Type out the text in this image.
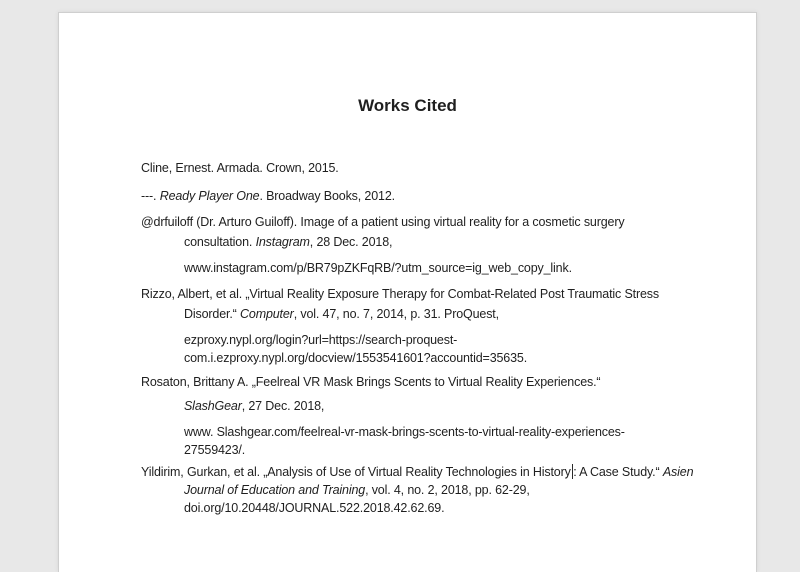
Works Cited
Cline, Ernest. Armada. Crown, 2015.
---. Ready Player One. Broadway Books, 2012.
@drfuiloff (Dr. Arturo Guiloff). Image of a patient using virtual reality for a cosmetic surgery
consultation. Instagram, 28 Dec. 2018,
www.instagram.com/p/BR79pZKFqRB/?utm_source=ig_web_copy_link.
Rizzo, Albert, et al. „Virtual Reality Exposure Therapy for Combat-Related Post Traumatic Stress
Disorder.“ Computer, vol. 47, no. 7, 2014, p. 31. ProQuest,
ezproxy.nypl.org/login?url=https://search-proquest-
com.i.ezproxy.nypl.org/docview/1553541601?accountid=35635.
Rosaton, Brittany A. „Feelreal VR Mask Brings Scents to Virtual Reality Experiences.“
SlashGear, 27 Dec. 2018,
www. Slashgear.com/feelreal-vr-mask-brings-scents-to-virtual-reality-experiences-
27559423/.
Yildirim, Gurkan, et al. „Analysis of Use of Virtual Reality Technologies in History : A Case Study.“ Asien
Journal of Education and Training, vol. 4, no. 2, 2018, pp. 62-29,
doi.org/10.20448/JOURNAL.522.2018.42.62.69.
